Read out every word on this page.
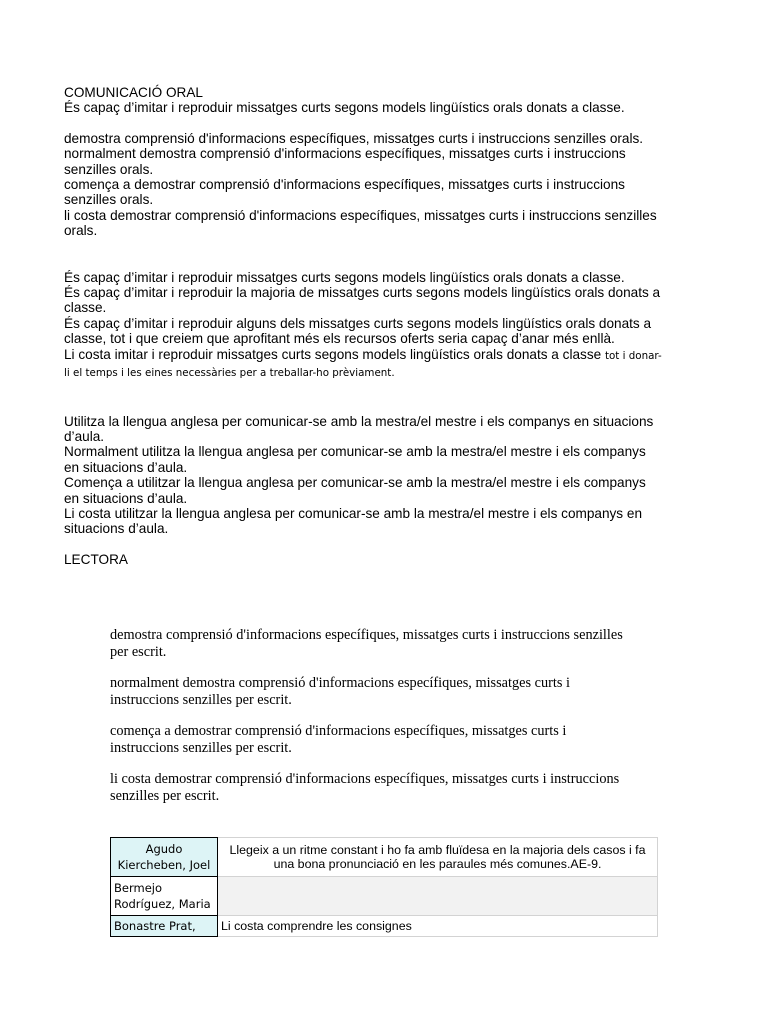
COMUNICACIÓ ORAL

És capaç d’imitar i reproduir missatges curts segons models lingüístics orals donats a classe.

demostra comprensió d'informacions específiques, missatges curts i instruccions senzilles orals.

normalment demostra comprensió d'informacions específiques, missatges curts i instruccions senzilles orals.

comença a demostrar comprensió d'informacions específiques, missatges curts i instruccions senzilles orals.

li costa demostrar comprensió d'informacions específiques, missatges curts i instruccions senzilles orals.

És capaç d’imitar i reproduir missatges curts segons models lingüístics orals donats a classe.

És capaç d’imitar i reproduir la majoria de missatges curts segons models lingüístics orals donats a classe.

És capaç d’imitar i reproduir alguns dels missatges curts segons models lingüístics orals donats a classe, tot i que creiem que aprofitant més els recursos oferts seria capaç d’anar més enllà.

Li costa imitar i reproduir missatges curts segons models lingüístics orals donats a classe tot i donar-li el temps i les eines necessàries per a treballar-ho prèviament.

Utilitza la llengua anglesa per comunicar-se amb la mestra/el mestre i els companys en situacions d’aula.

Normalment utilitza la llengua anglesa per comunicar-se amb la mestra/el mestre i els companys en situacions d’aula.

Comença a utilitzar la llengua anglesa per comunicar-se amb la mestra/el mestre i els companys en situacions d’aula.

Li costa utilitzar la llengua anglesa per comunicar-se amb la mestra/el mestre i els companys en situacions d’aula.

LECTORA

demostra comprensió d'informacions específiques, missatges curts i instruccions senzilles per escrit.

normalment demostra comprensió d'informacions específiques, missatges curts i instruccions senzilles per escrit.

comença a demostrar comprensió d'informacions específiques, missatges curts i instruccions senzilles per escrit.

li costa demostrar comprensió d'informacions específiques, missatges curts i instruccions senzilles per escrit.

Agudo Kiercheben, Joel	Llegeix a un ritme constant i ho fa amb fluïdesa en la majoria dels casos i fa una bona pronunciació en les paraules més comunes.AE-9.
Bermejo Rodríguez, Maria	
Bonastre Prat,	Li costa comprendre les consignes
